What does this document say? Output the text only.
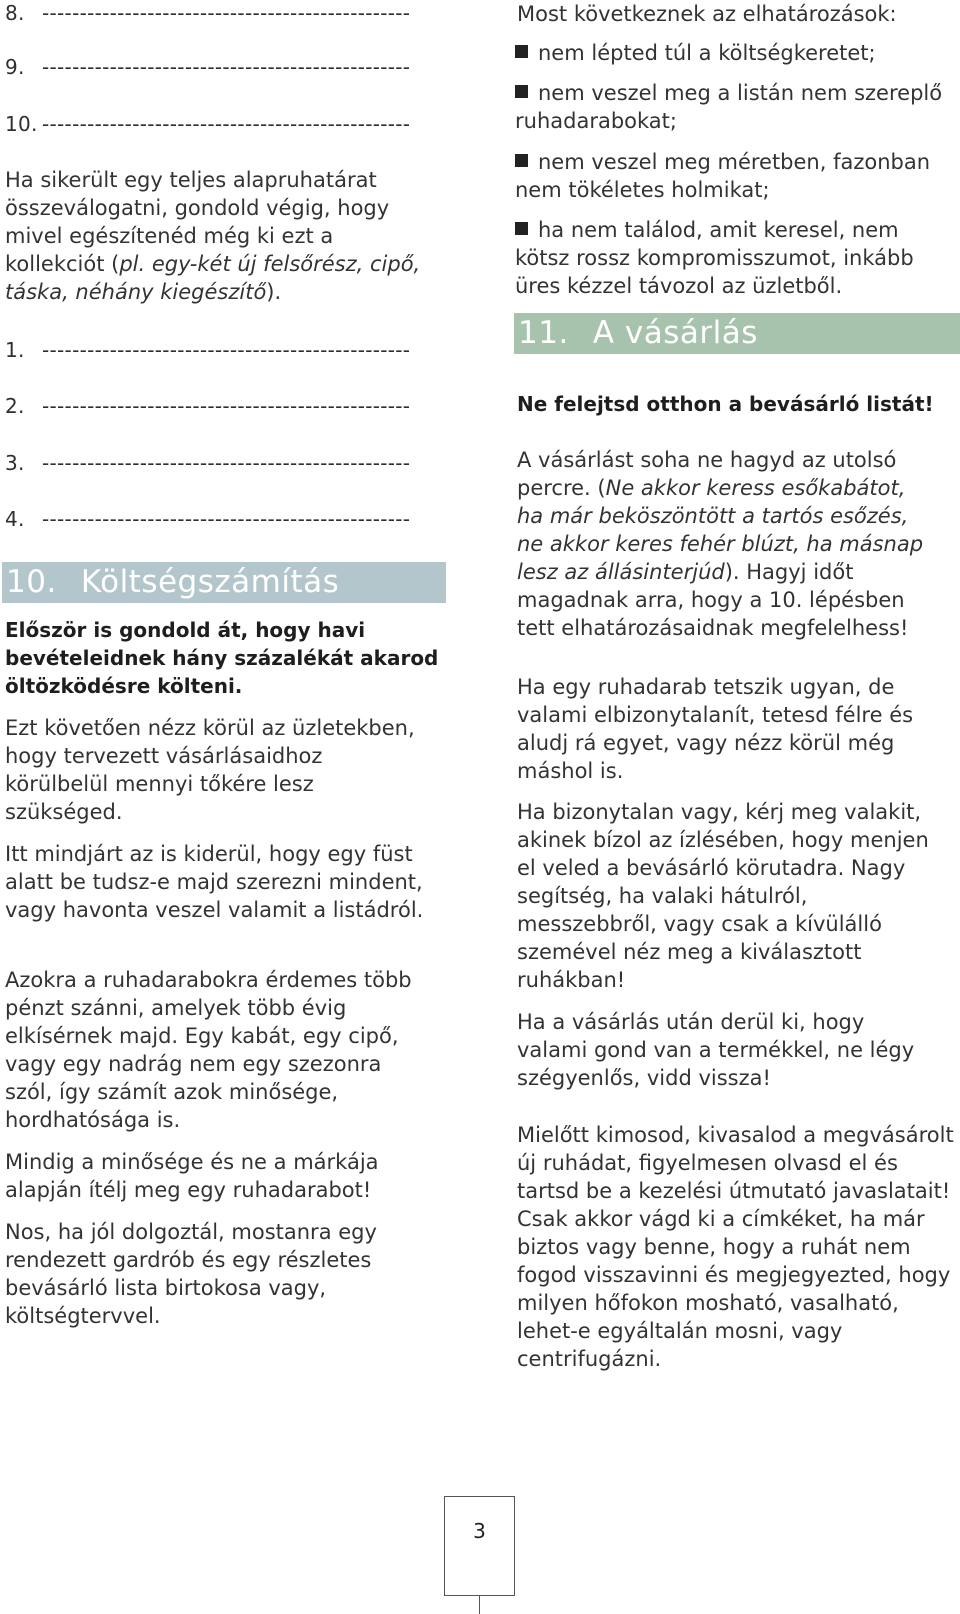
8. -------------------------------------------------
9. -------------------------------------------------
10. -------------------------------------------------

Ha sikerült egy teljes alapruhatárat összeválogatni, gondold végig, hogy mivel egészítenéd még ki ezt a kollekciót (pl. egy-két új felsőrész, cipő, táska, néhány kiegészítő).

1. -------------------------------------------------
2. -------------------------------------------------
3. -------------------------------------------------
4. -------------------------------------------------
10. Költségszámítás

Először is gondold át, hogy havi bevételeidnek hány százalékát akarod öltözködésre költeni.

Ezt követően nézz körül az üzletekben, hogy tervezett vásárlásaidhoz körülbelül mennyi tőkére lesz szükséged.

Itt mindjárt az is kiderül, hogy egy füst alatt be tudsz-e majd szerezni mindent, vagy havonta veszel valamit a listádról.

Azokra a ruhadarabokra érdemes több pénzt szánni, amelyek több évig elkísérnek majd. Egy kabát, egy cipő, vagy egy nadrág nem egy szezonra szól, így számít azok minősége, hordhatósága is.

Mindig a minősége és ne a márkája alapján ítélj meg egy ruhadarabot!

Nos, ha jól dolgoztál, mostanra egy rendezett gardrób és egy részletes bevásárló lista birtokosa vagy, költségtervvel.

Most következnek az elhatározások:

nem lépted túl a költségkeretet;
nem veszel meg a listán nem szereplő ruhadarabokat;
nem veszel meg méretben, fazonban nem tökéletes holmikat;
ha nem találod, amit keresel, nem kötsz rossz kompromisszumot, inkább üres kézzel távozol az üzletből.
11. A vásárlás

Ne felejtsd otthon a bevásárló listát!

A vásárlást soha ne hagyd az utolsó percre. (Ne akkor keress esőkabátot, ha már beköszöntött a tartós esőzés, ne akkor keres fehér blúzt, ha másnap lesz az állásinterjúd). Hagyj időt magadnak arra, hogy a 10. lépésben tett elhatározásaidnak megfelelhess!

Ha egy ruhadarab tetszik ugyan, de valami elbizonytalanít, tetesd félre és aludj rá egyet, vagy nézz körül még máshol is.

Ha bizonytalan vagy, kérj meg valakit, akinek bízol az ízlésében, hogy menjen el veled a bevásárló körutadra. Nagy segítség, ha valaki hátulról, messzebbről, vagy csak a kívülálló szemével néz meg a kiválasztott ruhákban!

Ha a vásárlás után derül ki, hogy valami gond van a termékkel, ne légy szégyenlős, vidd vissza!

Mielőtt kimosod, kivasalod a megvásárolt új ruhádat, figyelmesen olvasd el és tartsd be a kezelési útmutató javaslatait! Csak akkor vágd ki a címkéket, ha már biztos vagy benne, hogy a ruhát nem fogod visszavinni és megjegyezted, hogy milyen hőfokon mosható, vasalható, lehet-e egyáltalán mosni, vagy centrifugázni.

3
